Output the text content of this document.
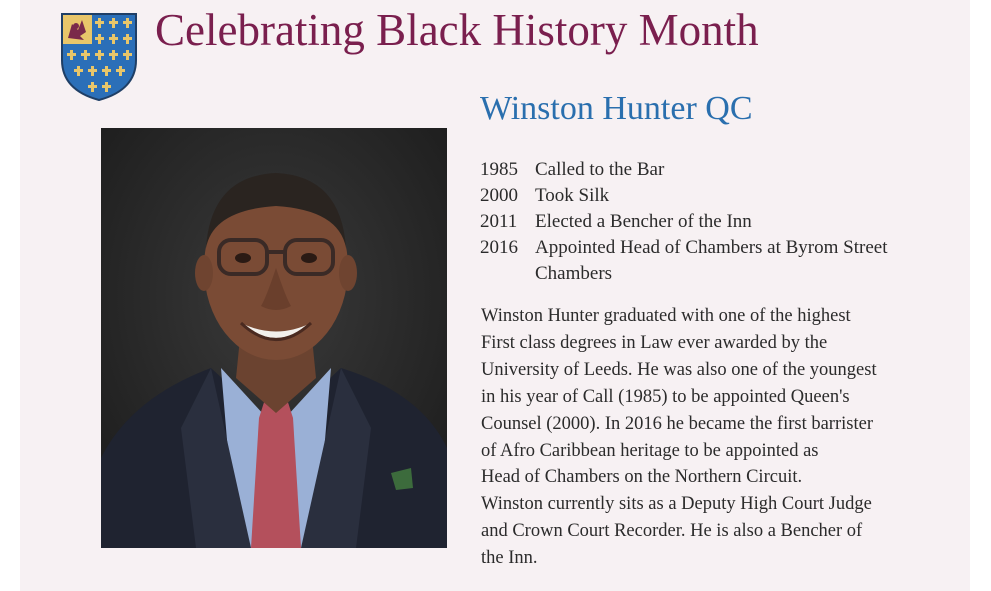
Celebrating Black History Month
Winston Hunter QC
1985 Called to the Bar
2000 Took Silk
2011 Elected a Bencher of the Inn
2016 Appointed Head of Chambers at Byrom Street Chambers
Winston Hunter graduated with one of the highest
First class degrees in Law ever awarded by the
University of Leeds. He was also one of the youngest
in his year of Call (1985) to be appointed Queen's
Counsel (2000). In 2016 he became the first barrister
of Afro Caribbean heritage to be appointed as
Head of Chambers on the Northern Circuit.
Winston currently sits as a Deputy High Court Judge
and Crown Court Recorder. He is also a Bencher of
the Inn.
